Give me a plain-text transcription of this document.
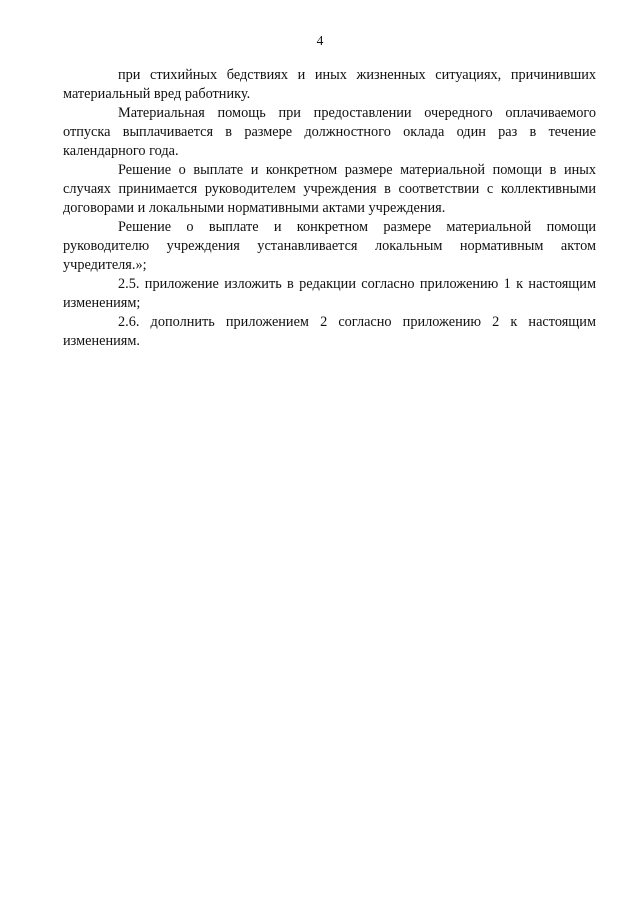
4

при стихийных бедствиях и иных жизненных ситуациях, причинивших материальный вред работнику.

Материальная помощь при предоставлении очередного оплачиваемого отпуска выплачивается в размере должностного оклада один раз в течение календарного года.

Решение о выплате и конкретном размере материальной помощи в иных случаях принимается руководителем учреждения в соответствии с коллективными договорами и локальными нормативными актами учреждения.

Решение о выплате и конкретном размере материальной помощи руководителю учреждения устанавливается локальным нормативным актом учредителя.»;

2.5. приложение изложить в редакции согласно приложению 1 к настоящим изменениям;

2.6. дополнить приложением 2 согласно приложению 2 к настоящим изменениям.
